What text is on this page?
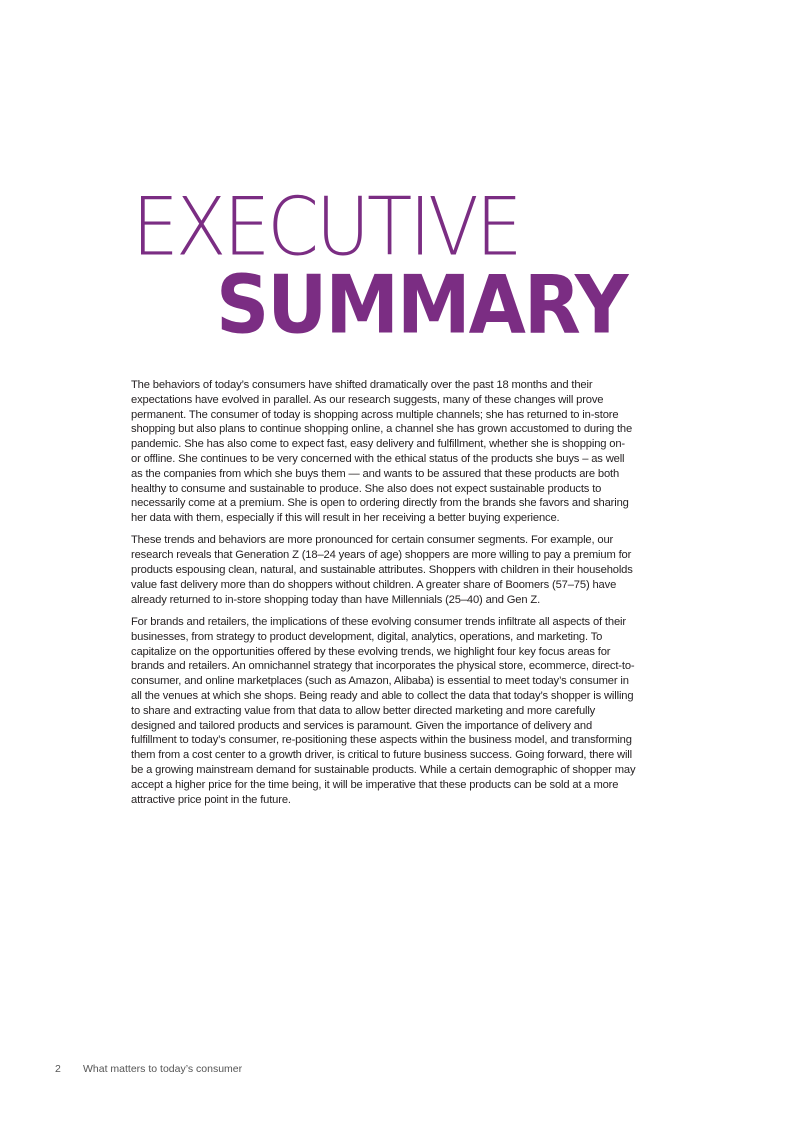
EXECUTIVE
SUMMARY

The behaviors of today’s consumers have shifted dramatically over the past 18 months and their expectations have evolved in parallel. As our research suggests, many of these changes will prove permanent. The consumer of today is shopping across multiple channels; she has returned to in-store shopping but also plans to continue shopping online, a channel she has grown accustomed to during the pandemic. She has also come to expect fast, easy delivery and fulfillment, whether she is shopping on- or offline. She continues to be very concerned with the ethical status of the products she buys – as well as the companies from which she buys them — and wants to be assured that these products are both healthy to consume and sustainable to produce. She also does not expect sustainable products to necessarily come at a premium. She is open to ordering directly from the brands she favors and sharing her data with them, especially if this will result in her receiving a better buying experience.

These trends and behaviors are more pronounced for certain consumer segments. For example, our research reveals that Generation Z (18–24 years of age) shoppers are more willing to pay a premium for products espousing clean, natural, and sustainable attributes. Shoppers with children in their households value fast delivery more than do shoppers without children. A greater share of Boomers (57–75) have already returned to in-store shopping today than have Millennials (25–40) and Gen Z.

For brands and retailers, the implications of these evolving consumer trends infiltrate all aspects of their businesses, from strategy to product development, digital, analytics, operations, and marketing. To capitalize on the opportunities offered by these evolving trends, we highlight four key focus areas for brands and retailers. An omnichannel strategy that incorporates the physical store, ecommerce, direct-to-consumer, and online marketplaces (such as Amazon, Alibaba) is essential to meet today’s consumer in all the venues at which she shops. Being ready and able to collect the data that today’s shopper is willing to share and extracting value from that data to allow better directed marketing and more carefully designed and tailored products and services is paramount. Given the importance of delivery and fulfillment to today’s consumer, re-positioning these aspects within the business model, and transforming them from a cost center to a growth driver, is critical to future business success. Going forward, there will be a growing mainstream demand for sustainable products. While a certain demographic of shopper may accept a higher price for the time being, it will be imperative that these products can be sold at a more attractive price point in the future.

2 What matters to today’s consumer
